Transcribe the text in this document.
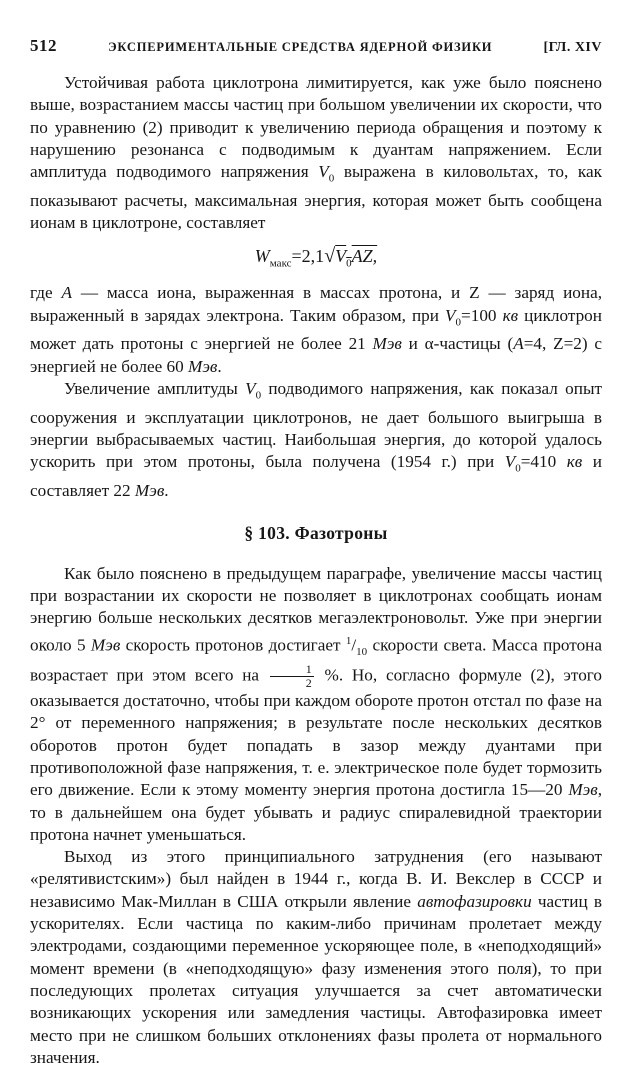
512	ЭКСПЕРИМЕНТАЛЬНЫЕ СРЕДСТВА ЯДЕРНОЙ ФИЗИКИ	[ГЛ. XIV

Устойчивая работа циклотрона лимитируется, как уже было пояснено выше, возрастанием массы частиц при большом увеличении их скорости, что по уравнению (2) приводит к увеличению периода обращения и поэтому к нарушению резонанса с подводимым к дуантам напряжением. Если амплитуда подводимого напряжения $V_0$ выражена в киловольтах, то, как показывают расчеты, максимальная энергия, которая может быть сообщена ионам в циклотроне, составляет

$W_{макс}=2,1√V_0AZ$,

где A — масса иона, выраженная в массах протона, и Z — заряд иона, выраженный в зарядах электрона. Таким образом, при $V_0=100$ кв циклотрон может дать протоны с энергией не более 21 Мэв и α-частицы (A=4, Z=2) с энергией не более 60 Мэв.

Увеличение амплитуды $V_0$ подводимого напряжения, как показал опыт сооружения и эксплуатации циклотронов, не дает большого выигрыша в энергии выбрасываемых частиц. Наибольшая энергия, до которой удалось ускорить при этом протоны, была получена (1954 г.) при $V_0=410$ кв и составляет 22 Мэв.

§ 103. Фазотроны

Как было пояснено в предыдущем параграфе, увеличение массы частиц при возрастании их скорости не позволяет в циклотронах сообщать ионам энергию больше нескольких десятков мегаэлектроновольт. Уже при энергии около 5 Мэв скорость протонов достигает $^1/_{10}$ скорости света. Масса протона возрастает при этом всего на $\frac{1}{2}$ %. Но, согласно формуле (2), этого оказывается достаточно, чтобы при каждом обороте протон отстал по фазе на 2° от переменного напряжения; в результате после нескольких десятков оборотов протон будет попадать в зазор между дуантами при противоположной фазе напряжения, т. е. электрическое поле будет тормозить его движение. Если к этому моменту энергия протона достигла 15—20 Мэв, то в дальнейшем она будет убывать и радиус спиралевидной траектории протона начнет уменьшаться.

Выход из этого принципиального затруднения (его называют «релятивистским») был найден в 1944 г., когда В. И. Векслер в СССР и независимо Мак-Миллан в США открыли явление автофазировки частиц в ускорителях. Если частица по каким-либо причинам пролетает между электродами, создающими переменное ускоряющее поле, в «неподходящий» момент времени (в «неподходящую» фазу изменения этого поля), то при последующих пролетах ситуация улучшается за счет автоматически возникающих ускорения или замедления частицы. Автофазировка имеет место при не слишком больших отклонениях фазы пролета от нормального значения.
